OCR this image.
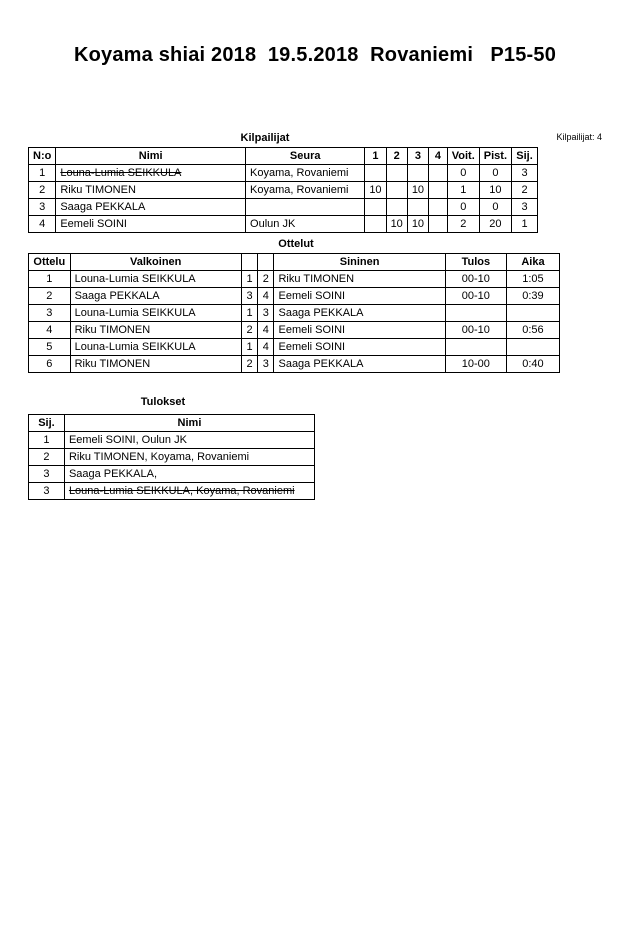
Koyama shiai 2018  19.5.2018  Rovaniemi   P15-50
Kilpailijat	Kilpailijat: 4
N:o	Nimi	Seura	1	2	3	4	Voit.	Pist.	Sij.
1	Louna-Lumia SEIKKULA	Koyama, Rovaniemi					0	0	3
2	Riku TIMONEN	Koyama, Rovaniemi	10		10		1	10	2
3	Saaga PEKKALA						0	0	3
4	Eemeli SOINI	Oulun JK		10	10		2	20	1
Ottelut
Ottelu	Valkoinen			Sininen	Tulos	Aika
1	Louna-Lumia SEIKKULA	1	2	Riku TIMONEN	00-10	1:05
2	Saaga PEKKALA	3	4	Eemeli SOINI	00-10	0:39
3	Louna-Lumia SEIKKULA	1	3	Saaga PEKKALA		
4	Riku TIMONEN	2	4	Eemeli SOINI	00-10	0:56
5	Louna-Lumia SEIKKULA	1	4	Eemeli SOINI		
6	Riku TIMONEN	2	3	Saaga PEKKALA	10-00	0:40
Tulokset
Sij.	Nimi
1	Eemeli SOINI, Oulun JK
2	Riku TIMONEN, Koyama, Rovaniemi
3	Saaga PEKKALA,
3	Louna-Lumia SEIKKULA, Koyama, Rovaniemi
